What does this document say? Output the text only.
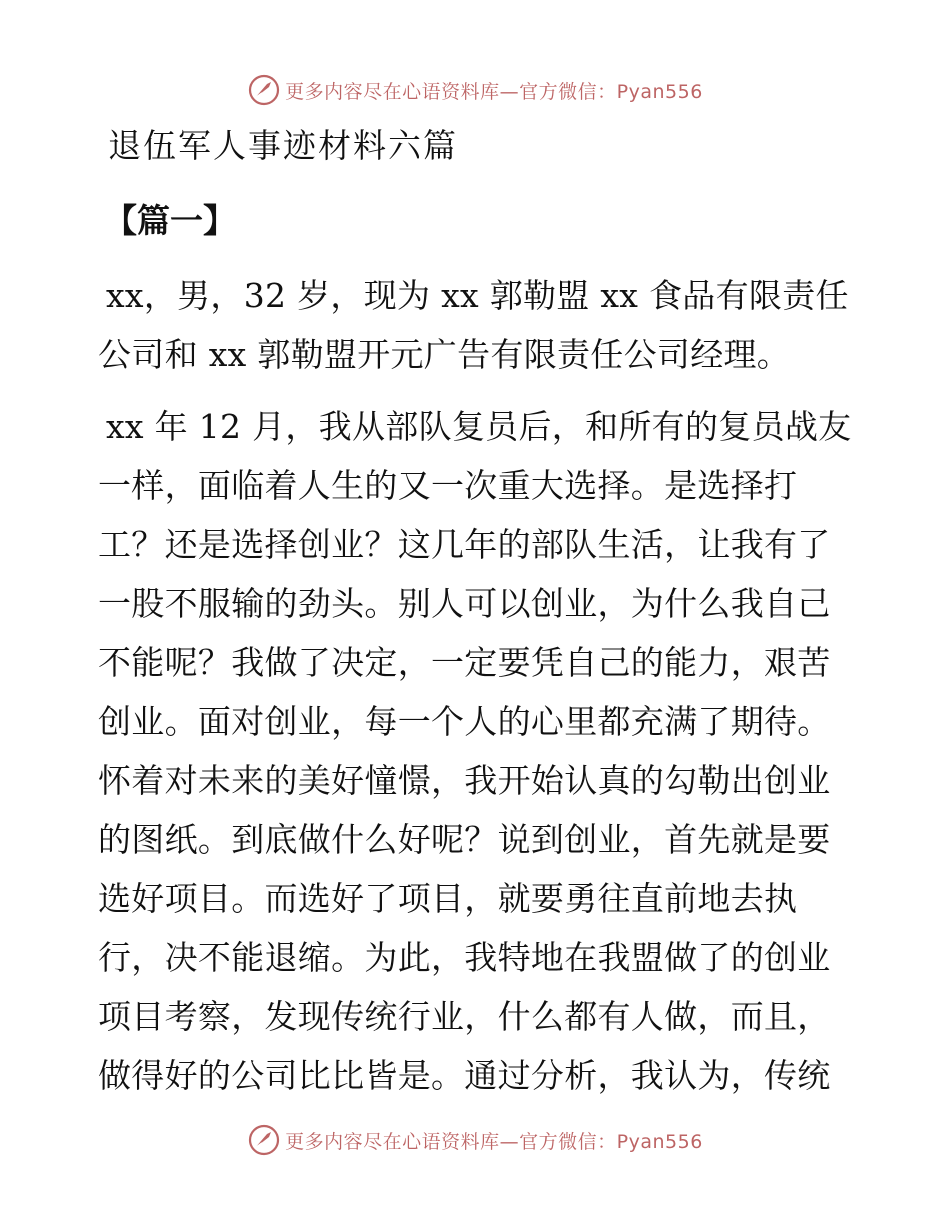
更多内容尽在心语资料库—官方微信：Pyan556
退伍军人事迹材料六篇
【篇一】
xx，男，32 岁，现为 xx 郭勒盟 xx 食品有限责任
公司和 xx 郭勒盟开元广告有限责任公司经理。
xx 年 12 月，我从部队复员后，和所有的复员战友
一样，面临着人生的又一次重大选择。是选择打
工？还是选择创业？这几年的部队生活，让我有了
一股不服输的劲头。别人可以创业，为什么我自己
不能呢？我做了决定，一定要凭自己的能力，艰苦
创业。面对创业，每一个人的心里都充满了期待。
怀着对未来的美好憧憬，我开始认真的勾勒出创业
的图纸。到底做什么好呢？说到创业，首先就是要
选好项目。而选好了项目，就要勇往直前地去执
行，决不能退缩。为此，我特地在我盟做了的创业
项目考察，发现传统行业，什么都有人做，而且，
做得好的公司比比皆是。通过分析，我认为，传统
更多内容尽在心语资料库—官方微信：Pyan556
